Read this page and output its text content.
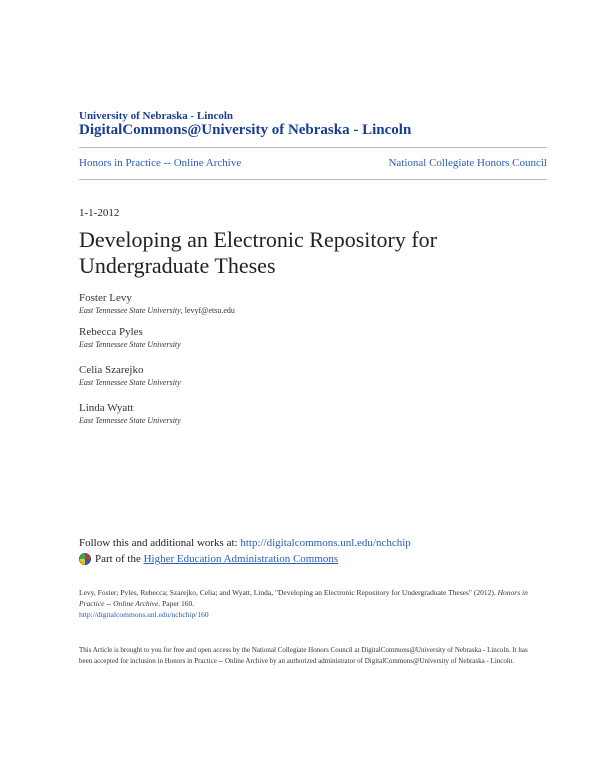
University of Nebraska - Lincoln
DigitalCommons@University of Nebraska - Lincoln
Honors in Practice -- Online Archive	National Collegiate Honors Council
1-1-2012
Developing an Electronic Repository for Undergraduate Theses
Foster Levy
East Tennessee State University, levyf@etsu.edu
Rebecca Pyles
East Tennessee State University
Celia Szarejko
East Tennessee State University
Linda Wyatt
East Tennessee State University
Follow this and additional works at: http://digitalcommons.unl.edu/nchchip
Part of the
Higher Education Administration Commons
Levy, Foster; Pyles, Rebecca; Szarejko, Celia; and Wyatt, Linda, "Developing an Electronic Repository for Undergraduate Theses" (2012). Honors in Practice -- Online Archive. Paper 160.
http://digitalcommons.unl.edu/nchchip/160
This Article is brought to you for free and open access by the National Collegiate Honors Council at DigitalCommons@University of Nebraska - Lincoln. It has been accepted for inclusion in Honors in Practice -- Online Archive by an authorized administrator of DigitalCommons@University of Nebraska - Lincoln.
